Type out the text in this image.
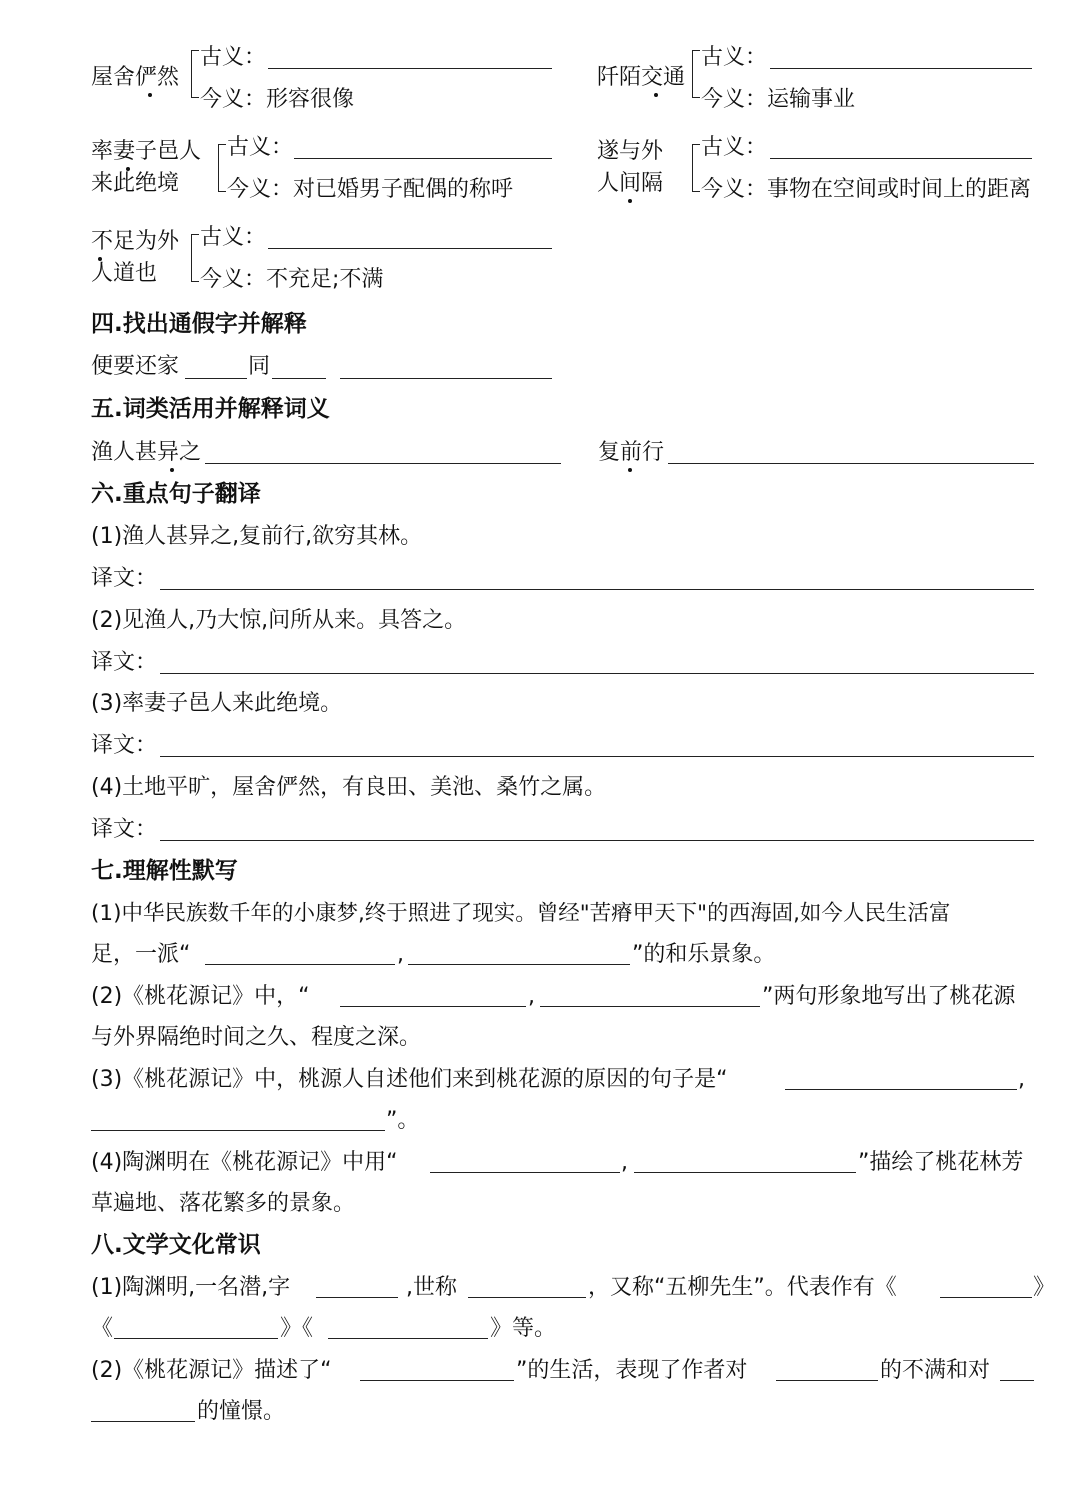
屋舍俨然
古义：
今义：形容很像
阡陌交通
古义：
今义：运输事业
率妻子邑人
来此绝境
古义：
今义：对已婚男子配偶的称呼
遂与外
人间隔
古义：
今义：事物在空间或时间上的距离
不足为外
人道也
古义：
今义：不充足;不满
四.找出通假字并解释
便要还家	同
五.词类活用并解释词义
渔人甚异之	复前行
六.重点句子翻译
(1)渔人甚异之,复前行,欲穷其林。
译文：
(2)见渔人,乃大惊,问所从来。具答之。
译文：
(3)率妻子邑人来此绝境。
译文：
(4)土地平旷，屋舍俨然，有良田、美池、桑竹之属。
译文：
七.理解性默写
(1)中华民族数千年的小康梦,终于照进了现实。曾经"苦瘠甲天下"的西海固,如今人民生活富
足，一派“	,	”的和乐景象。
(2)《桃花源记》中，“	,	”两句形象地写出了桃花源
与外界隔绝时间之久、程度之深。
(3)《桃花源记》中，桃源人自述他们来到桃花源的原因的句子是“	,
”。
(4)陶渊明在《桃花源记》中用“	,	”描绘了桃花林芳
草遍地、落花繁多的景象。
八.文学文化常识
(1)陶渊明,一名潜,字	,世称	，又称“五柳先生”。代表作有《	》
《	》《	》等。
(2)《桃花源记》描述了“	”的生活，表现了作者对	的不满和对
的憧憬。
